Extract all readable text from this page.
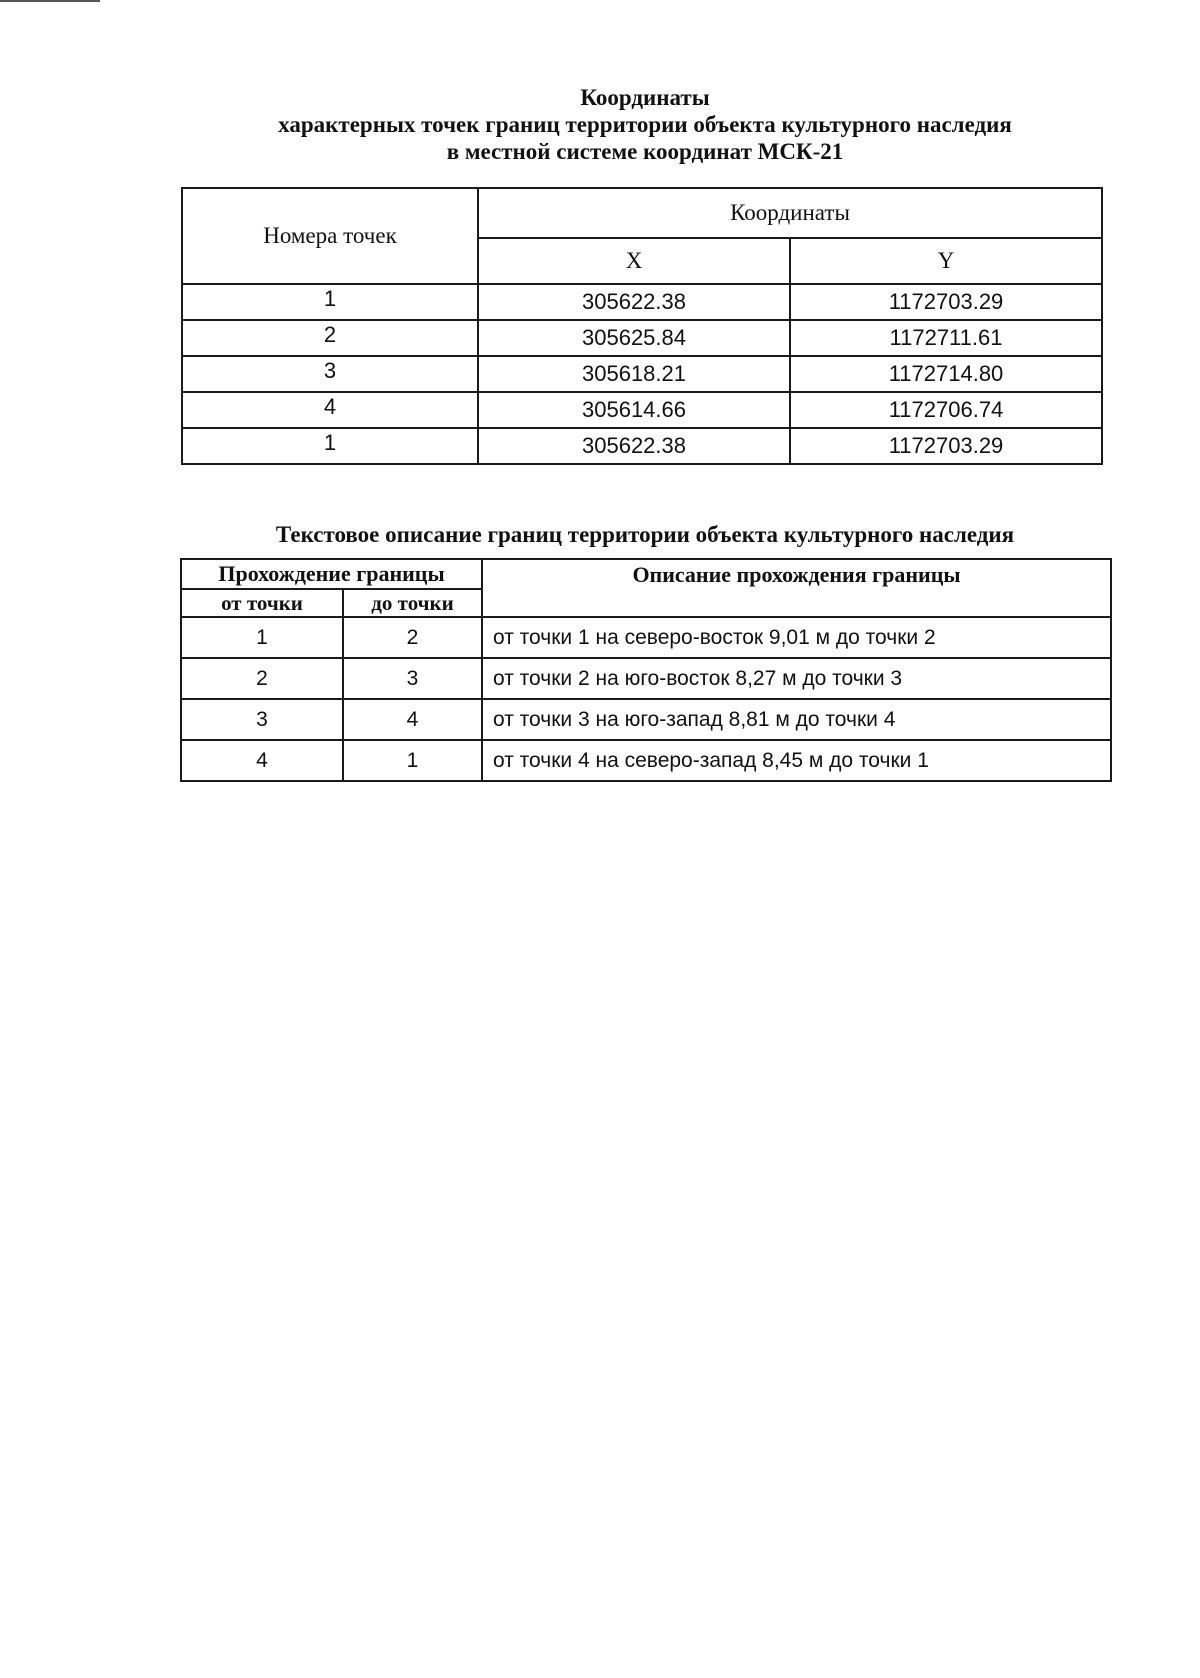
Координаты
характерных точек границ территории объекта культурного наследия
в местной системе координат МСК-21
Номера точек	Координаты	
	X	Y
1	305622.38	1172703.29
2	305625.84	1172711.61
3	305618.21	1172714.80
4	305614.66	1172706.74
1	305622.38	1172703.29
Текстовое описание границ территории объекта культурного наследия
Прохождение границы		Описание прохождения границы
от точки	до точки	
1	2	от точки 1 на северо-восток 9,01 м до точки 2
2	3	от точки 2 на юго-восток 8,27 м до точки 3
3	4	от точки 3 на юго-запад 8,81 м до точки 4
4	1	от точки 4 на северо-запад 8,45 м до точки 1
